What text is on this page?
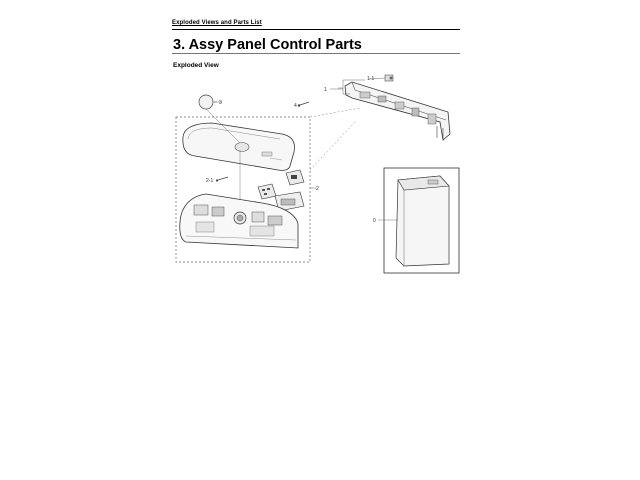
Exploded Views and Parts List
3. Assy Panel Control Parts
Exploded View
1
1-1
3	4
2-1
2
0
